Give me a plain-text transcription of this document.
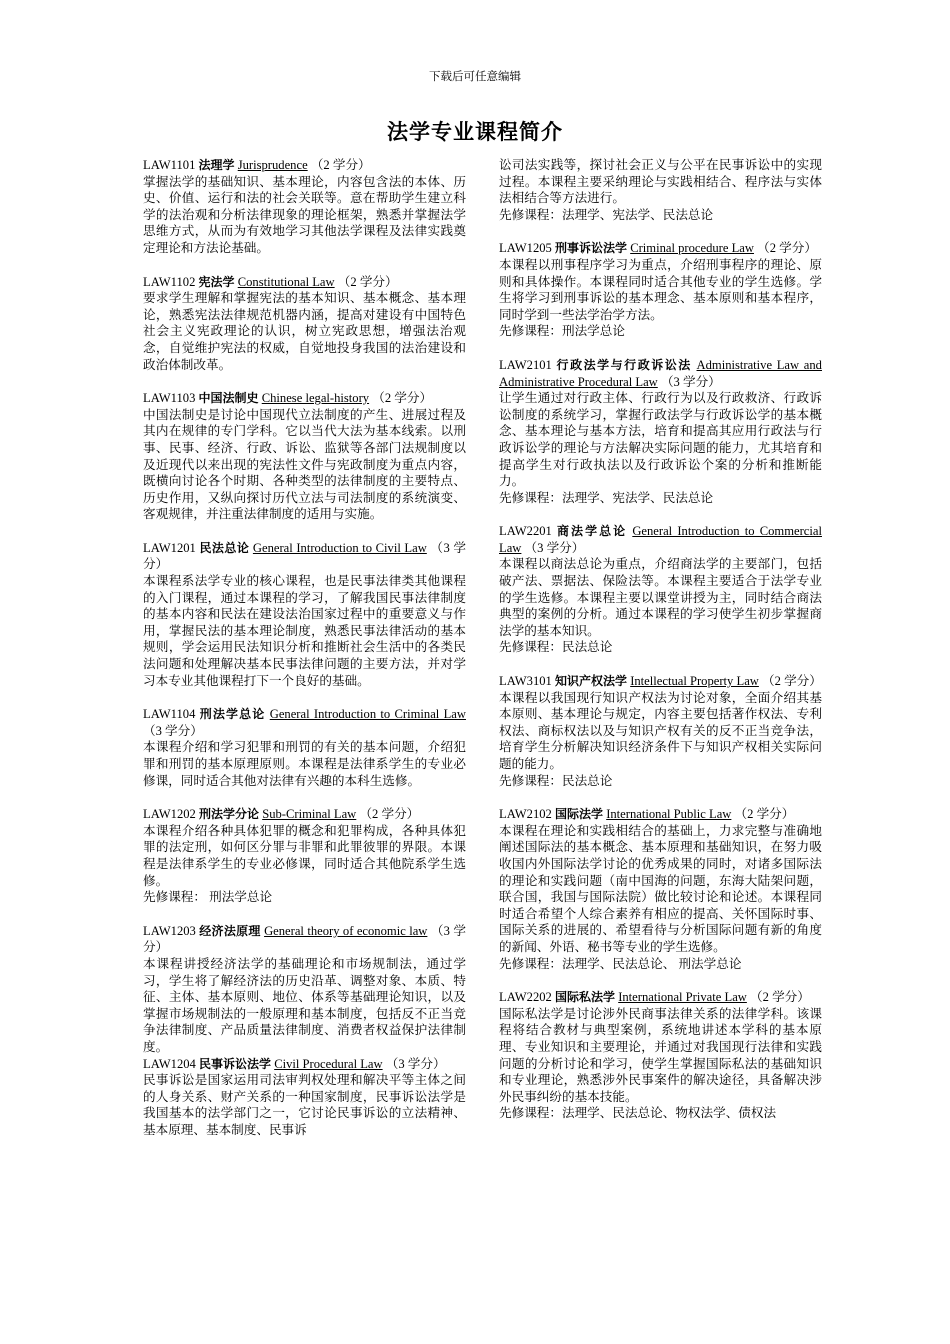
下载后可任意编辑
法学专业课程简介
LAW1101 法理学 Jurisprudence （2 学分）
掌握法学的基础知识、基本理论，内容包含法的本体、历史、价值、运行和法的社会关联等。意在帮助学生建立科学的法治观和分析法律现象的理论框架，熟悉并掌握法学思维方式，从而为有效地学习其他法学课程及法律实践奠定理论和方法论基础。
LAW1102 宪法学 Constitutional Law （2 学分）
要求学生理解和掌握宪法的基本知识、基本概念、基本理论，熟悉宪法法律规范机器内涵，提高对建设有中国特色社会主义宪政理论的认识，树立宪政思想，增强法治观念，自觉维护宪法的权威，自觉地投身我国的法治建设和政治体制改革。
LAW1103 中国法制史 Chinese legal-history （2 学分）
中国法制史是讨论中国现代立法制度的产生、进展过程及其内在规律的专门学科。它以当代大法为基本线索。以刑事、民事、经济、行政、诉讼、监狱等各部门法规制度以及近现代以来出现的宪法性文件与宪政制度为重点内容，既横向讨论各个时期、各种类型的法律制度的主要特点、历史作用，又纵向探讨历代立法与司法制度的系统演变、客观规律，并注重法律制度的适用与实施。
LAW1201 民法总论 General Introduction to Civil Law （3 学分）
本课程系法学专业的核心课程，也是民事法律类其他课程的入门课程，通过本课程的学习，了解我国民事法律制度的基本内容和民法在建设法治国家过程中的重要意义与作用，掌握民法的基本理论制度，熟悉民事法律活动的基本规则，学会运用民法知识分析和推断社会生活中的各类民法问题和处理解决基本民事法律问题的主要方法，并对学习本专业其他课程打下一个良好的基础。
LAW1104 刑法学总论 General Introduction to Criminal Law （3 学分）
本课程介绍和学习犯罪和刑罚的有关的基本问题，介绍犯罪和刑罚的基本原理原则。本课程是法律系学生的专业必修课，同时适合其他对法律有兴趣的本科生选修。
LAW1202 刑法学分论 Sub-Criminal Law （2 学分）
本课程介绍各种具体犯罪的概念和犯罪构成，各种具体犯罪的法定刑，如何区分罪与非罪和此罪彼罪的界限。本课程是法律系学生的专业必修课，同时适合其他院系学生选修。
先修课程： 刑法学总论
LAW1203 经济法原理 General theory of economic law （3 学分）
本课程讲授经济法学的基础理论和市场规制法，通过学习，学生将了解经济法的历史沿革、调整对象、本质、特征、主体、基本原则、地位、体系等基础理论知识，以及掌握市场规制法的一般原理和基本制度，包括反不正当竞争法律制度、产品质量法律制度、消费者权益保护法律制度。
LAW1204 民事诉讼法学 Civil Procedural Law （3 学分）
民事诉讼是国家运用司法审判权处理和解决平等主体之间的人身关系、财产关系的一种国家制度，民事诉讼法学是我国基本的法学部门之一，它讨论民事诉讼的立法精神、基本原理、基本制度、民事诉
讼司法实践等，探讨社会正义与公平在民事诉讼中的实现过程。本课程主要采纳理论与实践相结合、程序法与实体法相结合等方法进行。
先修课程：法理学、宪法学、民法总论
LAW1205 刑事诉讼法学 Criminal procedure Law （2 学分）
本课程以刑事程序学习为重点，介绍刑事程序的理论、原则和具体操作。本课程同时适合其他专业的学生选修。学生将学习到刑事诉讼的基本理念、基本原则和基本程序，同时学到一些法学治学方法。
先修课程：刑法学总论
LAW2101 行政法学与行政诉讼法 Administrative Law and Administrative Procedural Law （3 学分）
让学生通过对行政主体、行政行为以及行政救济、行政诉讼制度的系统学习，掌握行政法学与行政诉讼学的基本概念、基本理论与基本方法，培育和提高其应用行政法与行政诉讼学的理论与方法解决实际问题的能力，尤其培育和提高学生对行政执法以及行政诉讼个案的分析和推断能力。
先修课程：法理学、宪法学、民法总论
LAW2201 商法学总论 General Introduction to Commercial Law （3 学分）
本课程以商法总论为重点，介绍商法学的主要部门，包括破产法、票据法、保险法等。本课程主要适合于法学专业的学生选修。本课程主要以课堂讲授为主，同时结合商法典型的案例的分析。通过本课程的学习使学生初步掌握商法学的基本知识。
先修课程：民法总论
LAW3101 知识产权法学 Intellectual Property Law （2 学分）
本课程以我国现行知识产权法为讨论对象，全面介绍其基本原则、基本理论与规定，内容主要包括著作权法、专利权法、商标权法以及与知识产权有关的反不正当竞争法，培育学生分析解决知识经济条件下与知识产权相关实际问题的能力。
先修课程：民法总论
LAW2102 国际法学 International Public Law （2 学分）
本课程在理论和实践相结合的基础上，力求完整与准确地阐述国际法的基本概念、基本原理和基础知识，在努力吸收国内外国际法学讨论的优秀成果的同时，对诸多国际法的理论和实践问题（南中国海的问题，东海大陆架问题，联合国，我国与国际法院）做比较讨论和论述。本课程同时适合希望个人综合素养有相应的提高、关怀国际时事、国际关系的进展的、希望看待与分析国际问题有新的角度的新闻、外语、秘书等专业的学生选修。
先修课程：法理学、民法总论、 刑法学总论
LAW2202 国际私法学 International Private Law （2 学分）
国际私法学是讨论涉外民商事法律关系的法律学科。该课程将结合教材与典型案例，系统地讲述本学科的基本原理、专业知识和主要理论，并通过对我国现行法律和实践问题的分析讨论和学习，使学生掌握国际私法的基础知识和专业理论，熟悉涉外民事案件的解决途径，具备解决涉外民事纠纷的基本技能。
先修课程：法理学、民法总论、物权法学、债权法
